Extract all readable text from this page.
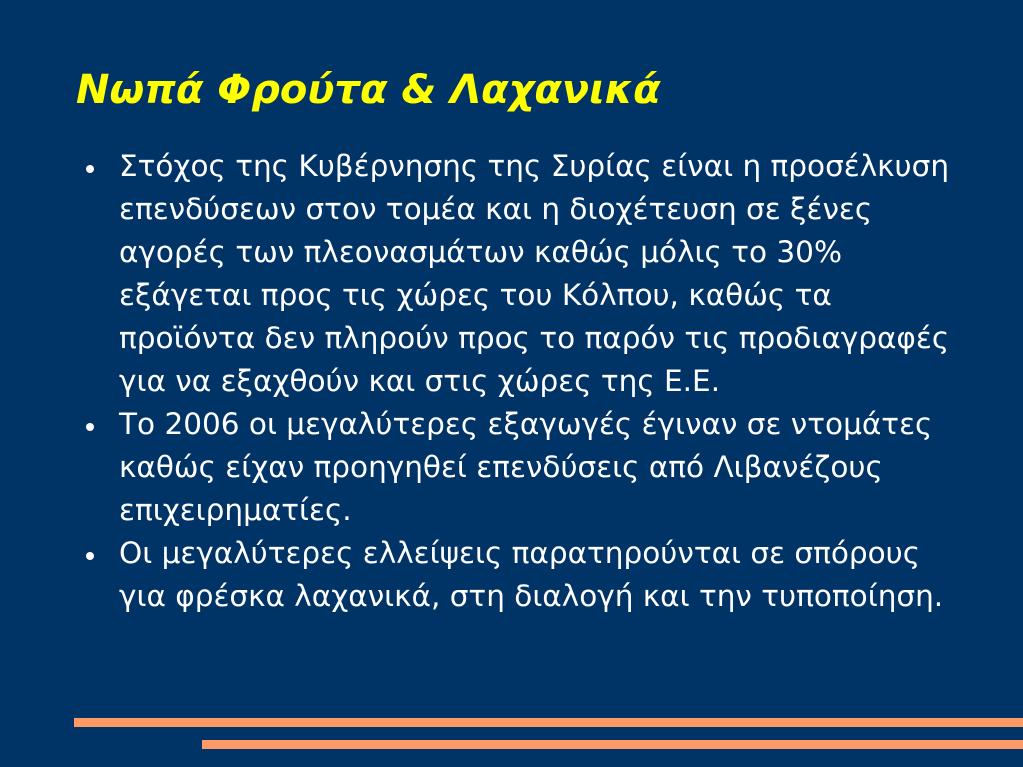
Νωπά Φρούτα & Λαχανικά
Στόχος της Κυβέρνησης της Συρίας είναι η προσέλκυση επενδύσεων στον τομέα και η διοχέτευση σε ξένες αγορές των πλεονασμάτων καθώς μόλις το 30% εξάγεται προς τις χώρες του Κόλπου, καθώς τα προϊόντα δεν πληρούν προς το παρόν τις προδιαγραφές για να εξαχθούν και στις χώρες της Ε.Ε.
Το 2006 οι μεγαλύτερες εξαγωγές έγιναν σε ντομάτες καθώς είχαν προηγηθεί επενδύσεις από Λιβανέζους επιχειρηματίες.
Οι μεγαλύτερες ελλείψεις παρατηρούνται σε σπόρους για φρέσκα λαχανικά, στη διαλογή και την τυποποίηση.
